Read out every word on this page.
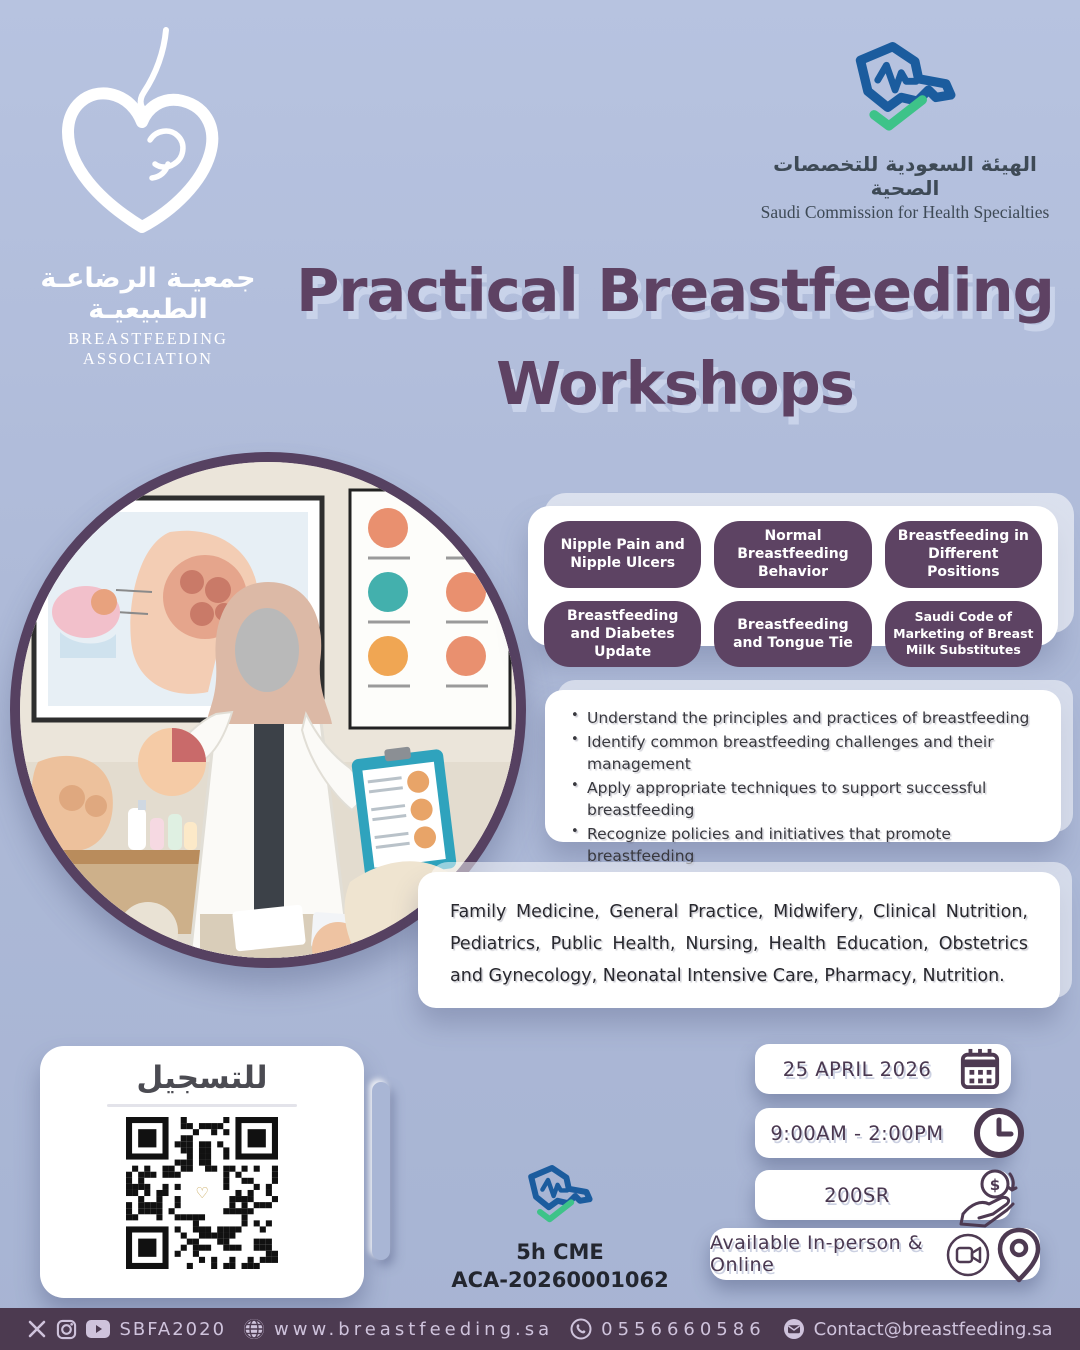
جمعيـة الرضاعـة الطبيعيـة
BREASTFEEDING ASSOCIATION
الهيئة السعودية للتخصصات الصحية
Saudi Commission for Health Specialties
Practical Breastfeeding
Workshops
Nipple Pain and Nipple Ulcers
Normal Breastfeeding Behavior
Breastfeeding in Different Positions
Breastfeeding and Diabetes Update
Breastfeeding and Tongue Tie
Saudi Code of Marketing of Breast Milk Substitutes
• Understand the principles and practices of breastfeeding
• Identify common breastfeeding challenges and their management
• Apply appropriate techniques to support successful breastfeeding
• Recognize policies and initiatives that promote breastfeeding
Family Medicine, General Practice, Midwifery, Clinical Nutrition, Pediatrics, Public Health, Nursing, Health Education, Obstetrics and Gynecology, Neonatal Intensive Care, Pharmacy, Nutrition.
للتسجيل
♡
5h CME
ACA-20260001062
25 APRIL 2026
9:00AM - 2:00PM
200SR	$
Available In-person & Online
SBFA2020	www.breastfeeding.sa	0556660586	Contact@breastfeeding.sa
